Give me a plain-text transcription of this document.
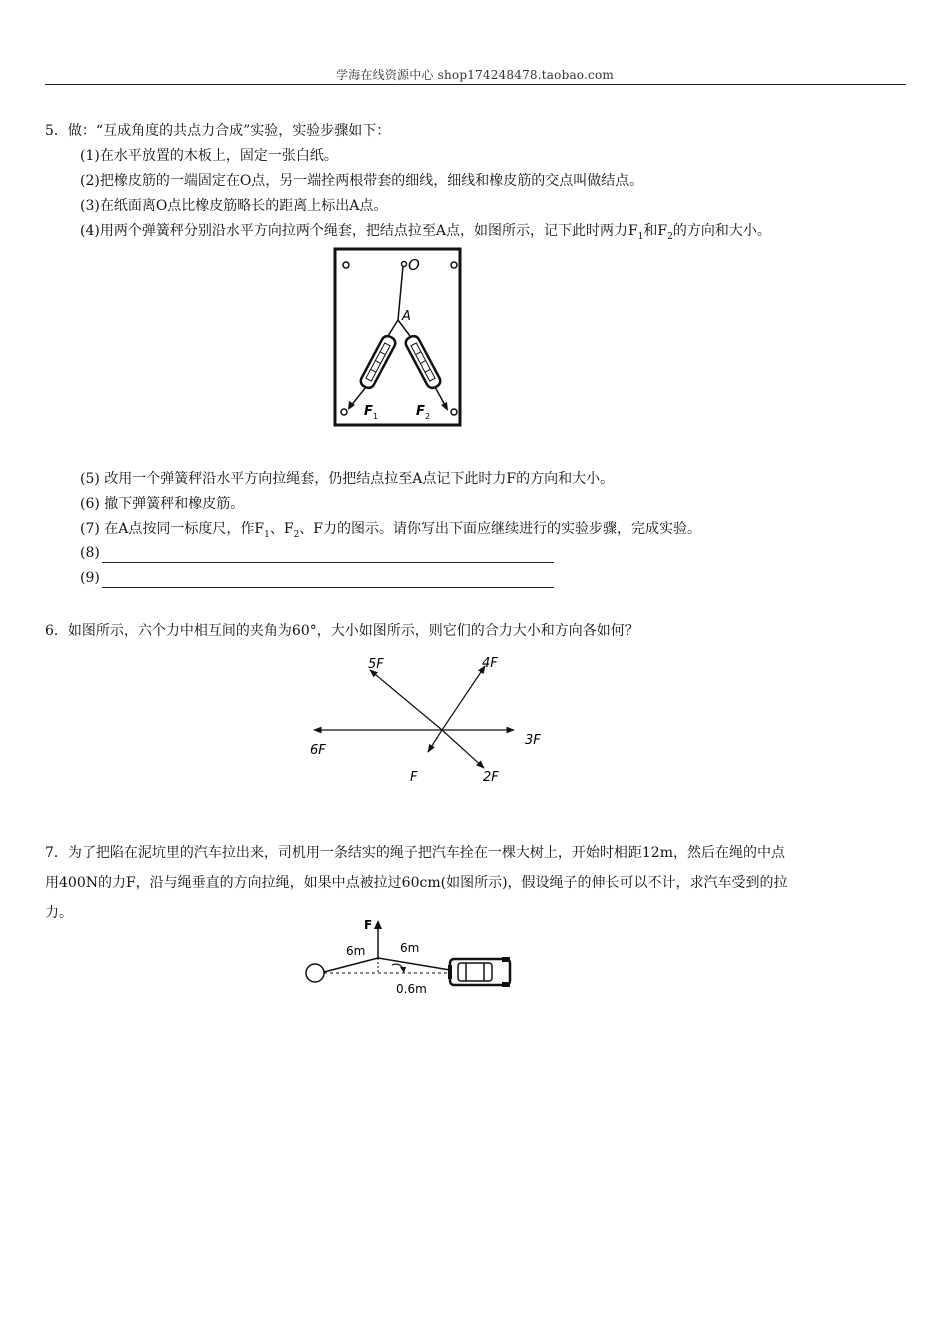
学海在线资源中心 shop174248478.taobao.com
5．做：“互成角度的共点力合成”实验，实验步骤如下：
(1)在水平放置的木板上，固定一张白纸。
(2)把橡皮筋的一端固定在O点，另一端拴两根带套的细线，细线和橡皮筋的交点叫做结点。
(3)在纸面离O点比橡皮筋略长的距离上标出A点。
(4)用两个弹簧秤分别沿水平方向拉两个绳套，把结点拉至A点，如图所示，记下此时两力$F_1$和$F_2$的方向和大小。
O
A
F 1	F 2
(5) 改用一个弹簧秤沿水平方向拉绳套，仍把结点拉至A点记下此时力F的方向和大小。
(6) 撤下弹簧秤和橡皮筋。
(7) 在A点按同一标度尺，作$F_1$、$F_2$、F力的图示。请你写出下面应继续进行的实验步骤，完成实验。
(8)
(9)
6．如图所示，六个力中相互间的夹角为60°，大小如图所示，则它们的合力大小和方向各如何？
5F	4F
3F
6F
F	2F
7．为了把陷在泥坑里的汽车拉出来，司机用一条结实的绳子把汽车拴在一棵大树上，开始时相距12m，然后在绳的中点
用400N的力F，沿与绳垂直的方向拉绳，如果中点被拉过60cm(如图所示)，假设绳子的伸长可以不计，求汽车受到的拉
力。
F
6m	6m
0.6m
